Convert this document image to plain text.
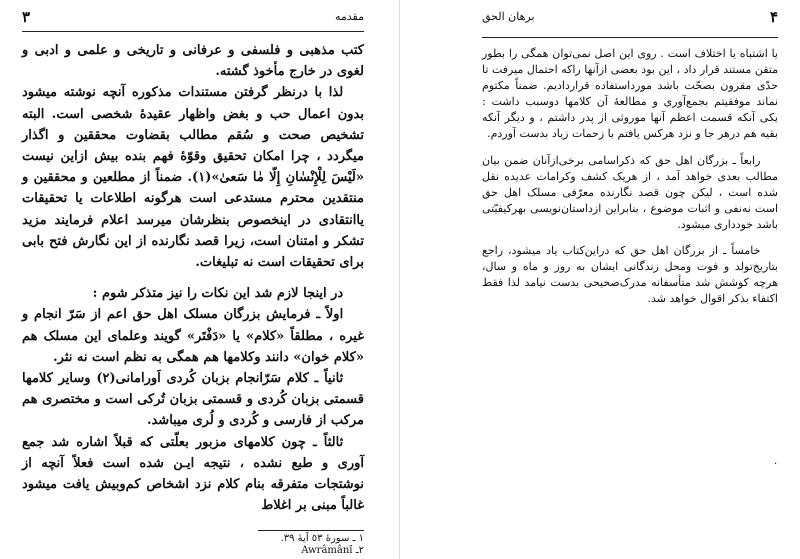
٣	مقدمه

کتب مذهبی و فلسفی و عرفانی و تاریخی و علمی و ادبی و لغوی در خارج مأخوذ گشته.

لذا با درنظر گرفتن مستندات مذکوره آنچه نوشته میشود بدون اعمال حب و بغض واظهار عقیدهٔ شخصی است. البته تشخیص صحت و سُقم مطالب بقضاوت محققین و اگذار میگردد ، چرا امکان تحقیق وقوّهٔ فهم بنده بیش ازاین نیست «لَيْسَ لِلْإِنْسٰانِ إِلّا مٰا سَعىٰ»(١). ضمناً از مطلعین و محققین و منتقدین محترم مستدعی است هرگونه اطلاعات یا تحقیقات یاانتقادی در اینخصوص بنظرشان میرسد اعلام فرمایند مزید تشکر و امتنان است، زیرا قصد نگارنده از این نگارش فتح بابی برای تحقیقات است نه تبلیغات.

در اینجا لازم شد این نکات را نیز متذکر شوم :

اولاً ـ فرمایش بزرگان مسلک اهل حق اعم از سَرّ انجام و غیره ، مطلقاً «کلام» یا «دَفْتَر» گویند وعلمای این مسلک هم «کلام خوان» دانند وکلامها هم همگی به نظم است نه نثر.

ثانیاً ـ کلام سَرّانجام بزبان کُردی اَورامانی(٢) وسایر کلامها قسمتی بزبان کُردی و قسمتی بزبان تُرکی است و مختصری هم مرکب از فارسی و کُردی و لُری میباشد.

ثالثاً ـ چون کلامهای مزبور بعلّتی که قبلاً اشاره شد جمع آوری و طبع نشده ، نتیجه ایـن شده است فعلاً آنچه از نوشتجات متفرقه بنام کلام نزد اشخاص کم‌وبیش یافت میشود غالباً مبنی بر اغلاط

١ ـ سورهٔ ٥٣ آیهٔ ٣٩.
٢ـ Awrâmânî
برهان الحق	۴

یا اشتباه یا اختلاف است . روی این اصل نمی‌توان همگی را بطور متقن مستند قرار داد ، این بود بعضی ازآنها راکه احتمال میرفت تا حدّی مقرون بصحّت باشد مورداستفاده قراردادیم. ضمناً مکتوم نماند موفقیتم بجمع‌آوری و مطالعهٔ آن کلامها دوسبب داشت : یکی آنکه قسمت اعظم آنها موروثی از پدر داشتم ، و دیگر آنکه بقیه هم درهر جا و نزد هرکس یافتم با زحمات زیاد بدست آوردم.

رابعاً ـ بزرگان اهل حق که ذکراسامی برخی‌ازآنان ضمن بیان مطالب بعدی خواهد آمد ، از هریک کشف وکرامات عدیده نقل شده است ، لیکن چون قصد نگارنده معرّفی مسلک اهل حق است نه‌نفی و اثبات موضوع ، بنابراین ازداستان‌نویسی بهرکیفیّتی باشد خودداری میشود.

خامساً ـ از بزرگان اهل حق که دراین‌کتاب یاد میشود، راجع بتاریخ‌تولد و فوت ومحل زندگانی ایشان به روز و ماه و سال، هرچه کوشش شد متأسفانه مدرک‌صحیحی بدست نیامد لذا فقط اکتفاء بذکر اقوال خواهد شد.

·
